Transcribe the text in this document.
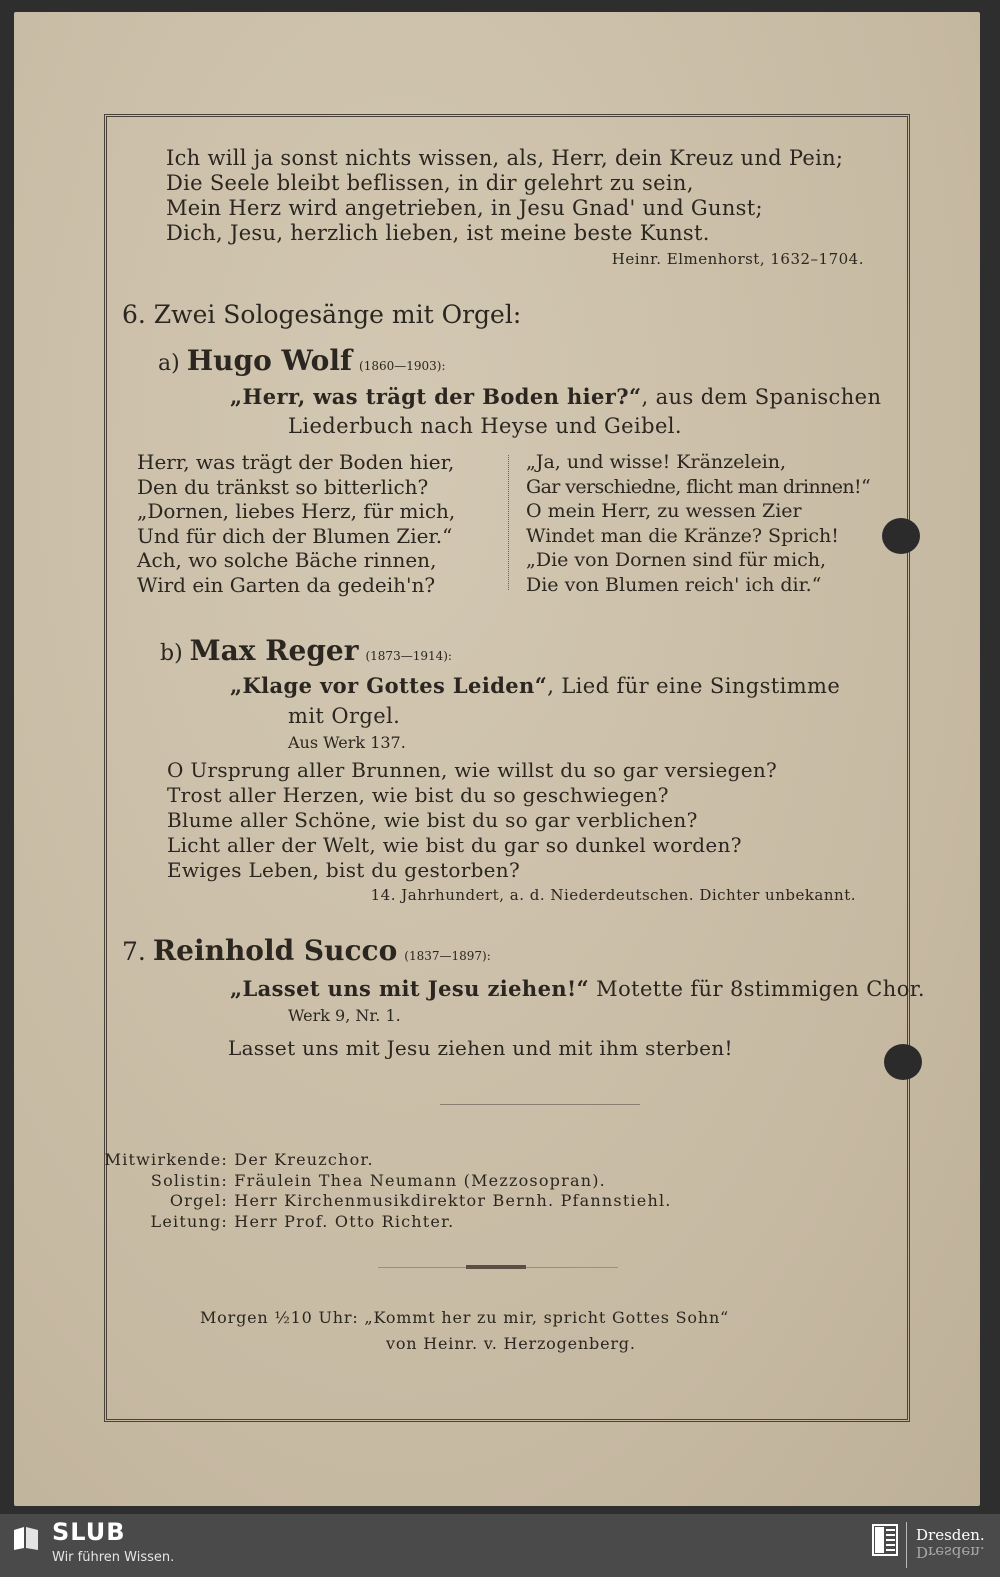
Ich will ja sonst nichts wissen, als, Herr, dein Kreuz und Pein;
Die Seele bleibt beflissen, in dir gelehrt zu sein,
Mein Herz wird angetrieben, in Jesu Gnad' und Gunst;
Dich, Jesu, herzlich lieben, ist meine beste Kunst.
Heinr. Elmenhorst, 1632–1704.
6. Zwei Sologesänge mit Orgel:
a) Hugo Wolf (1860—1903):
„Herr, was trägt der Boden hier?“, aus dem Spanischen
Liederbuch nach Heyse und Geibel.
Herr, was trägt der Boden hier,
Den du tränkst so bitterlich?
„Dornen, liebes Herz, für mich,
Und für dich der Blumen Zier.“
Ach, wo solche Bäche rinnen,
Wird ein Garten da gedeih'n?
„Ja, und wisse! Kränzelein,
Gar verschiedne, flicht man drinnen!“
O mein Herr, zu wessen Zier
Windet man die Kränze? Sprich!
„Die von Dornen sind für mich,
Die von Blumen reich' ich dir.“
b) Max Reger (1873—1914):
„Klage vor Gottes Leiden“, Lied für eine Singstimme
mit Orgel.
Aus Werk 137.
O Ursprung aller Brunnen, wie willst du so gar versiegen?
Trost aller Herzen, wie bist du so geschwiegen?
Blume aller Schöne, wie bist du so gar verblichen?
Licht aller der Welt, wie bist du gar so dunkel worden?
Ewiges Leben, bist du gestorben?
14. Jahrhundert, a. d. Niederdeutschen. Dichter unbekannt.
7. Reinhold Succo (1837—1897):
„Lasset uns mit Jesu ziehen!“ Motette für 8stimmigen Chor.
Werk 9, Nr. 1.
Lasset uns mit Jesu ziehen und mit ihm sterben!
Mitwirkende: Der Kreuzchor.
Solistin: Fräulein Thea Neumann (Mezzosopran).
Orgel: Herr Kirchenmusikdirektor Bernh. Pfannstiehl.
Leitung: Herr Prof. Otto Richter.
Morgen ½10 Uhr: „Kommt her zu mir, spricht Gottes Sohn“
von Heinr. v. Herzogenberg.
SLUB
Wir führen Wissen.
Dresden.
Dresden.
